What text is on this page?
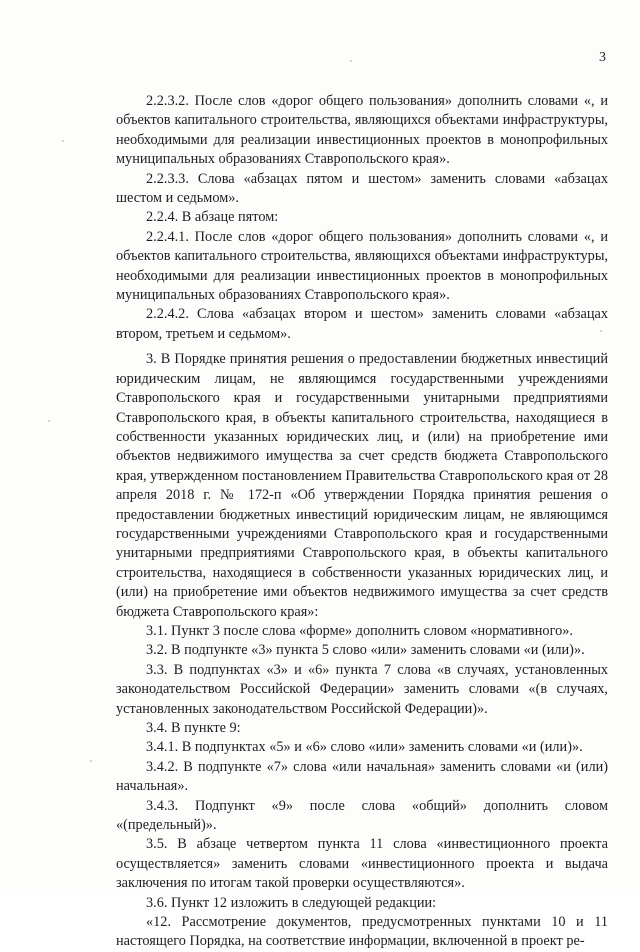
3

2.2.3.2. После слов «дорог общего пользования» дополнить словами «, и объектов капитального строительства, являющихся объектами инфраструктуры, необходимыми для реализации инвестиционных проектов в монопрофильных муниципальных образованиях Ставропольского края».

2.2.3.3. Слова «абзацах пятом и шестом» заменить словами «абзацах шестом и седьмом».

2.2.4. В абзаце пятом:

2.2.4.1. После слов «дорог общего пользования» дополнить словами «, и объектов капитального строительства, являющихся объектами инфраструктуры, необходимыми для реализации инвестиционных проектов в монопрофильных муниципальных образованиях Ставропольского края».

2.2.4.2. Слова «абзацах втором и шестом» заменить словами «абзацах втором, третьем и седьмом».

3. В Порядке принятия решения о предоставлении бюджетных инвестиций юридическим лицам, не являющимся государственными учреждениями Ставропольского края и государственными унитарными предприятиями Ставропольского края, в объекты капитального строительства, находящиеся в собственности указанных юридических лиц, и (или) на приобретение ими объектов недвижимого имущества за счет средств бюджета Ставропольского края, утвержденном постановлением Правительства Ставропольского края от 28 апреля 2018 г. № 172-п «Об утверждении Порядка принятия решения о предоставлении бюджетных инвестиций юридическим лицам, не являющимся государственными учреждениями Ставропольского края и государственными унитарными предприятиями Ставропольского края, в объекты капитального строительства, находящиеся в собственности указанных юридических лиц, и (или) на приобретение ими объектов недвижимого имущества за счет средств бюджета Ставропольского края»:

3.1. Пункт 3 после слова «форме» дополнить словом «нормативного».

3.2. В подпункте «3» пункта 5 слово «или» заменить словами «и (или)».

3.3. В подпунктах «3» и «6» пункта 7 слова «в случаях, установленных законодательством Российской Федерации» заменить словами «(в случаях, установленных законодательством Российской Федерации)».

3.4. В пункте 9:

3.4.1. В подпунктах «5» и «6» слово «или» заменить словами «и (или)».

3.4.2. В подпункте «7» слова «или начальная» заменить словами «и (или) начальная».

3.4.3. Подпункт «9» после слова «общий» дополнить словом «(предельный)».

3.5. В абзаце четвертом пункта 11 слова «инвестиционного проекта осуществляется» заменить словами «инвестиционного проекта и выдача заключения по итогам такой проверки осуществляются».

3.6. Пункт 12 изложить в следующей редакции:

«12. Рассмотрение документов, предусмотренных пунктами 10 и 11 настоящего Порядка, на соответствие информации, включенной в проект ре-
